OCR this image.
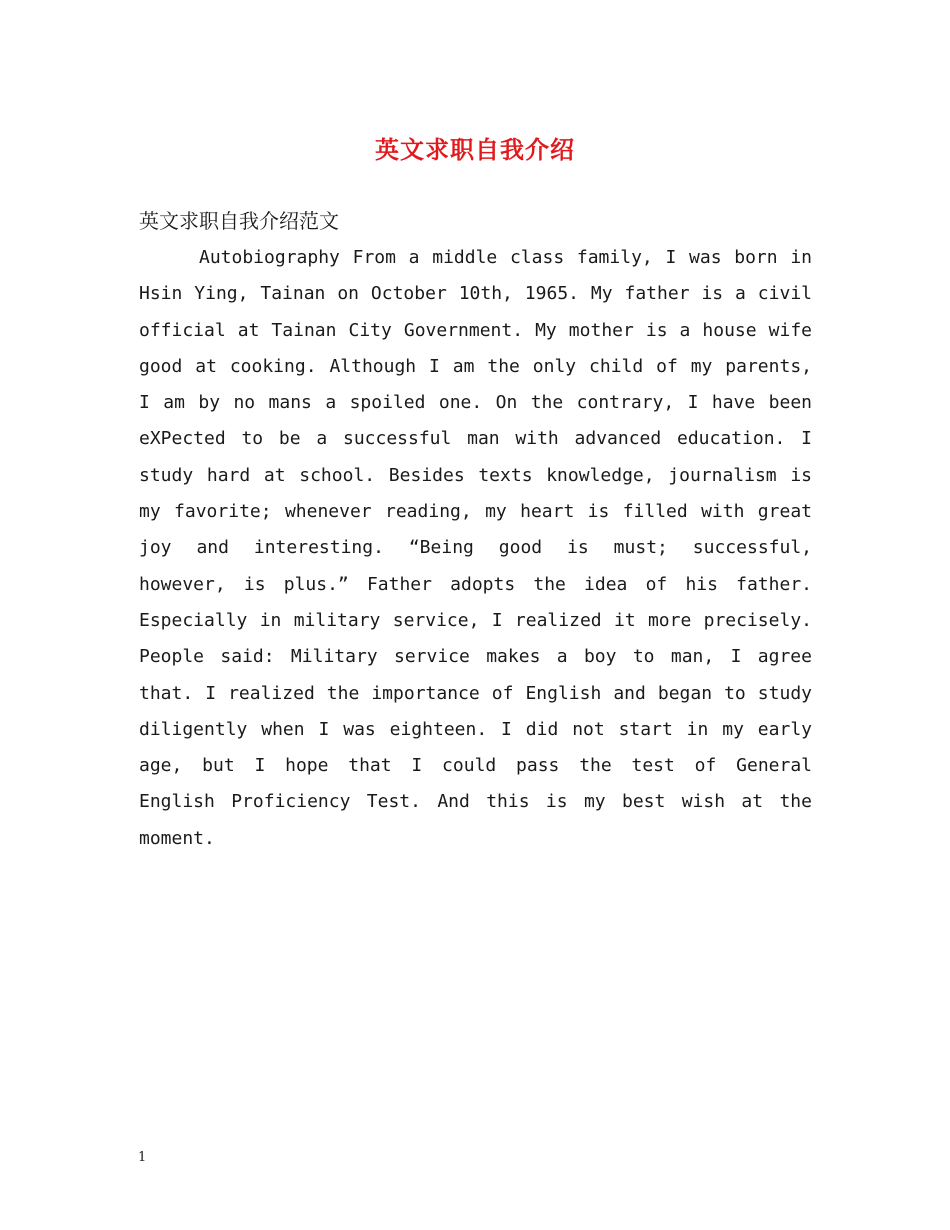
英文求职自我介绍
英文求职自我介绍范文

Autobiography From a middle class family, I was born in Hsin Ying, Tainan on October 10th, 1965. My father is a civil official at Tainan City Government. My mother is a house wife good at cooking. Although I am the only child of my parents, I am by no mans a spoiled one. On the contrary, I have been eXPected to be a successful man with advanced education. I study hard at school. Besides texts knowledge, journalism is my favorite; whenever reading, my heart is filled with great joy and interesting. “Being good is must; successful, however, is plus.” Father adopts the idea of his father. Especially in military service, I realized it more precisely. People said: Military service makes a boy to man, I agree that. I realized the importance of English and began to study diligently when I was eighteen. I did not start in my early age, but I hope that I could pass the test of General English Proficiency Test. And this is my best wish at the moment.

1
